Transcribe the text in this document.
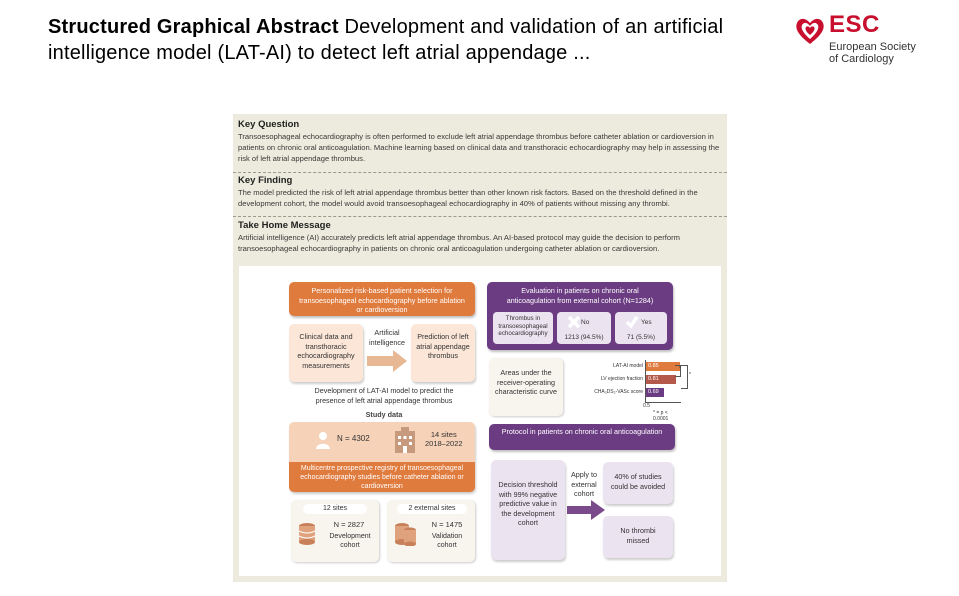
Structured Graphical Abstract Development and validation of an artificial intelligence model (LAT-AI) to detect left atrial appendage ...
ESC
European Society
of Cardiology
Key Question
Transoesophageal echocardiography is often performed to exclude left atrial appendage thrombus before catheter ablation or cardioversion in patients on chronic oral anticoagulation. Machine learning based on clinical data and transthoracic echocardiography may help in assessing the risk of left atrial appendage thrombus.
Key Finding
The model predicted the risk of left atrial appendage thrombus better than other known risk factors. Based on the threshold defined in the development cohort, the model would avoid transoesophageal echocardiography in 40% of patients without missing any thrombi.
Take Home Message
Artificial intelligence (AI) accurately predicts left atrial appendage thrombus. An AI-based protocol may guide the decision to perform transoesophageal echocardiography in patients on chronic oral anticoagulation undergoing catheter ablation or cardioversion.
Personalized risk-based patient selection for transoesophageal echocardiography before ablation or cardioversion
Clinical data and transthoracic echocardiography measurements
Artificial intelligence
Prediction of left atrial appendage thrombus
Development of LAT-AI model to predict the presence of left atrial appendage thrombus
Study data
N = 4302	14 sites
2018–2022
Multicentre prospective registry of transoesophageal echocardiography studies before catheter ablation or cardioversion
12 sites
N = 2827
Development cohort
2 external sites
N = 1475
Validation cohort
Evaluation in patients on chronic oral anticoagulation from external cohort (N=1284)
Thrombus in transoesophageal echocardiography
No
1213 (94.5%)
Yes
71 (5.5%)
Areas under the receiver-operating characteristic curve
LAT-AI model 0.85
LV ejection fraction 0.81
CHA₂DS₂-VASc score 0.69
0.5
*
*
* = p < 0.0001
Protocol in patients on chronic oral anticoagulation
Decision threshold with 99% negative predictive value in the development cohort
Apply to external cohort
40% of studies could be avoided
No thrombi missed
